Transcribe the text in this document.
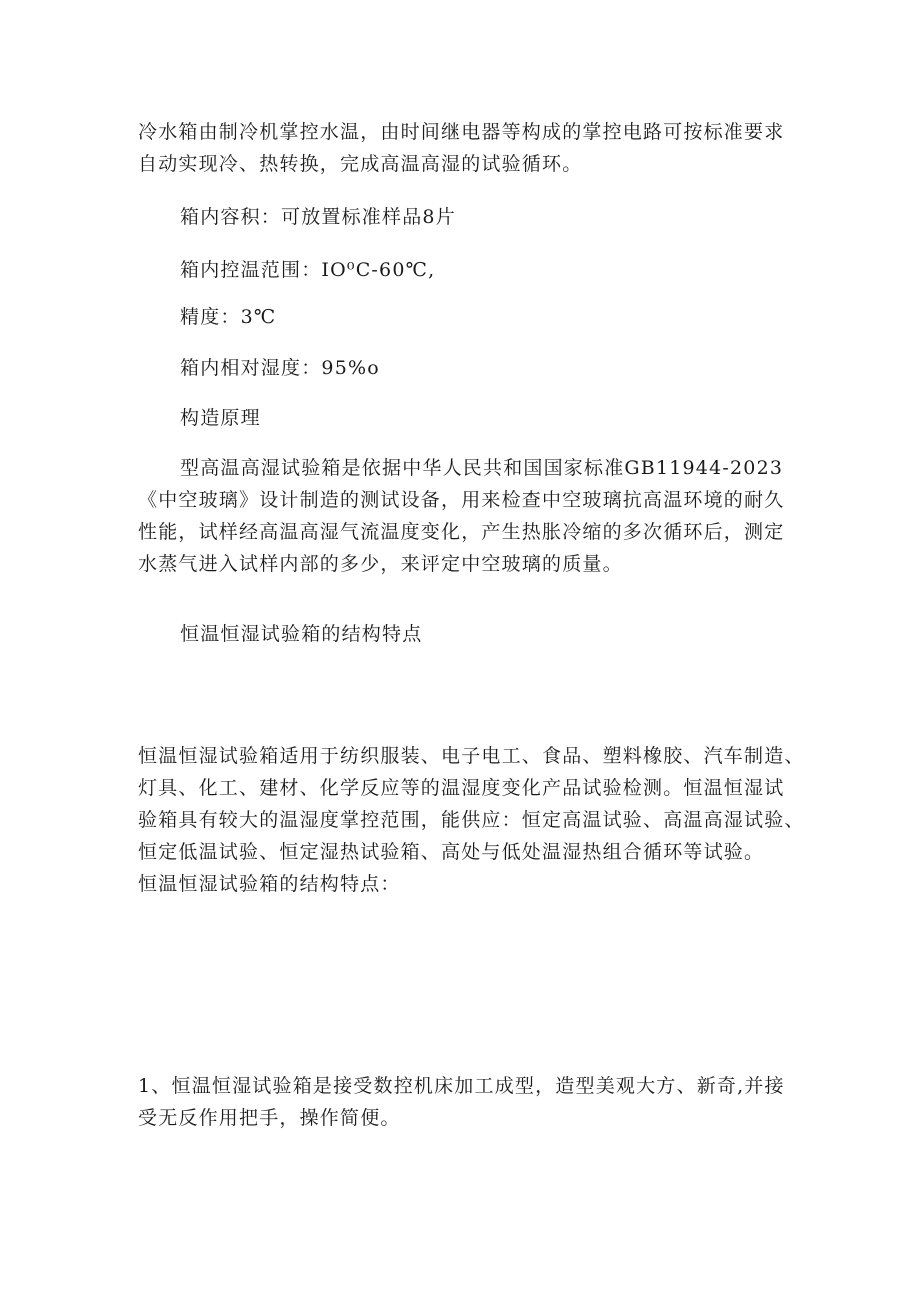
冷水箱由制冷机掌控水温，由时间继电器等构成的掌控电路可按标准要求
自动实现冷、热转换，完成高温高湿的试验循环。

箱内容积：可放置标准样品8片

箱内控温范围：IO⁰C-60℃,

精度：3℃

箱内相对湿度：95%o

构造原理

型高温高湿试验箱是依据中华人民共和国国家标准GB11944-2023
《中空玻璃》设计制造的测试设备，用来检查中空玻璃抗高温环境的耐久
性能，试样经高温高湿气流温度变化，产生热胀冷缩的多次循环后，测定
水蒸气进入试样内部的多少，来评定中空玻璃的质量。

恒温恒湿试验箱的结构特点

恒温恒湿试验箱适用于纺织服装、电子电工、食品、塑料橡胶、汽车制造、
灯具、化工、建材、化学反应等的温湿度变化产品试验检测。恒温恒湿试
验箱具有较大的温湿度掌控范围，能供应：恒定高温试验、高温高湿试验、
恒定低温试验、恒定湿热试验箱、高处与低处温湿热组合循环等试验。
恒温恒湿试验箱的结构特点：

1、恒温恒湿试验箱是接受数控机床加工成型，造型美观大方、新奇,并接
受无反作用把手，操作简便。
